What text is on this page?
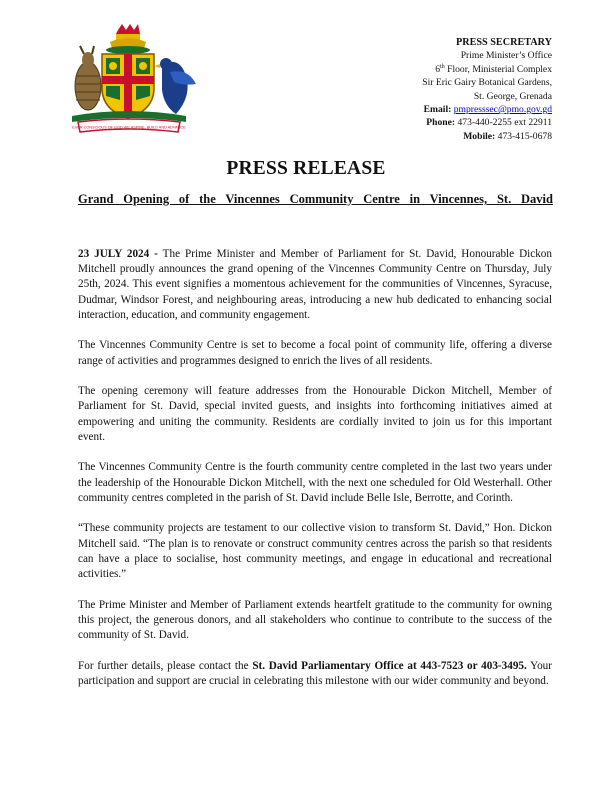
EVER CONSCIOUS OF GOD WE ASPIRE, BUILD AND ADVANCE
PRESS SECRETARY
Prime Minister’s Office
6th Floor, Ministerial Complex
Sir Eric Gairy Botanical Gardens,
St. George, Grenada
Email: pmpresssec@pmo.gov.gd
Phone: 473-440-2255 ext 22911
Mobile: 473-415-0678
PRESS RELEASE
Grand Opening of the Vincennes Community Centre in Vincennes, St. David

23 JULY 2024 - The Prime Minister and Member of Parliament for St. David, Honourable Dickon Mitchell proudly announces the grand opening of the Vincennes Community Centre on Thursday, July 25th, 2024. This event signifies a momentous achievement for the communities of Vincennes, Syracuse, Dudmar, Windsor Forest, and neighbouring areas, introducing a new hub dedicated to enhancing social interaction, education, and community engagement.

The Vincennes Community Centre is set to become a focal point of community life, offering a diverse range of activities and programmes designed to enrich the lives of all residents.

The opening ceremony will feature addresses from the Honourable Dickon Mitchell, Member of Parliament for St. David, special invited guests, and insights into forthcoming initiatives aimed at empowering and uniting the community. Residents are cordially invited to join us for this important event.

The Vincennes Community Centre is the fourth community centre completed in the last two years under the leadership of the Honourable Dickon Mitchell, with the next one scheduled for Old Westerhall. Other community centres completed in the parish of St. David include Belle Isle, Berrotte, and Corinth.

“These community projects are testament to our collective vision to transform St. David,” Hon. Dickon Mitchell said. “The plan is to renovate or construct community centres across the parish so that residents can have a place to socialise, host community meetings, and engage in educational and recreational activities.”

The Prime Minister and Member of Parliament extends heartfelt gratitude to the community for owning this project, the generous donors, and all stakeholders who continue to contribute to the success of the community of St. David.

For further details, please contact the St. David Parliamentary Office at 443-7523 or 403-3495. Your participation and support are crucial in celebrating this milestone with our wider community and beyond.
